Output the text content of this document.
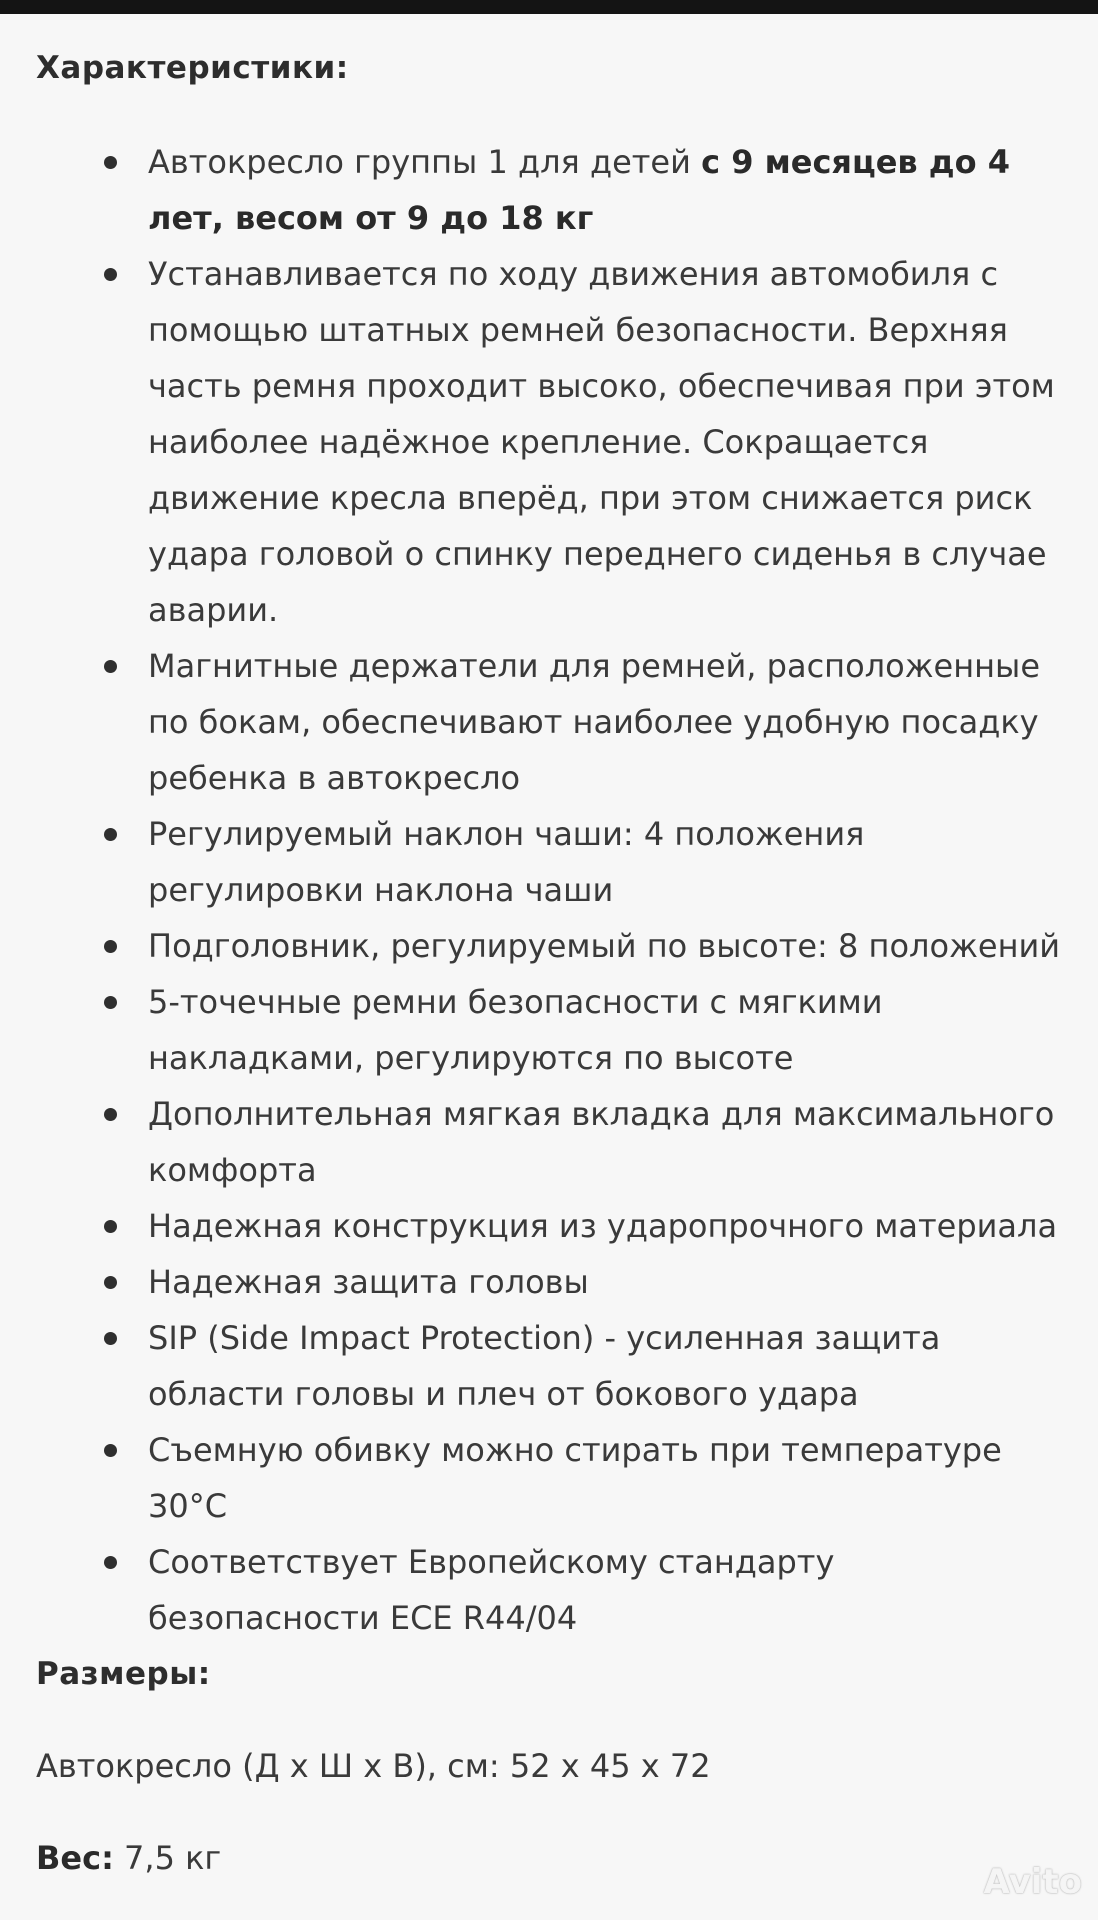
Характеристики:
Автокресло группы 1 для детей с 9 месяцев до 4 лет, весом от 9 до 18 кг
Устанавливается по ходу движения автомобиля с помощью штатных ремней безопасности. Верхняя часть ремня проходит высоко, обеспечивая при этом наиболее надёжное крепление. Сокращается движение кресла вперёд, при этом снижается риск удара головой о спинку переднего сиденья в случае аварии.
Магнитные держатели для ремней, расположенные по бокам, обеспечивают наиболее удобную посадку ребенка в автокресло
Регулируемый наклон чаши: 4 положения регулировки наклона чаши
Подголовник, регулируемый по высоте: 8 положений
5-точечные ремни безопасности с мягкими накладками, регулируются по высоте
Дополнительная мягкая вкладка для максимального комфорта
Надежная конструкция из ударопрочного материала
Надежная защита головы
SIP (Side Impact Protection) - усиленная защита области головы и плеч от бокового удара
Съемную обивку можно стирать при температуре 30°C
Соответствует Европейскому стандарту безопасности ECE R44/04
Размеры:

Автокресло (Д х Ш х В), см: 52 х 45 х 72

Вес: 7,5 кг

Avito
